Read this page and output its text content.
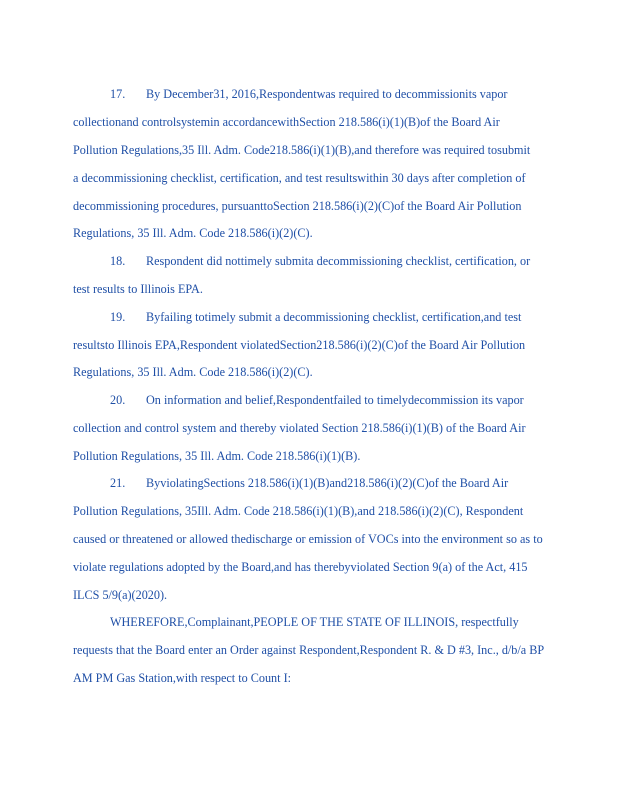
17. By December31, 2016,Respondentwas required to decommissionits vapor
collectionand controlsystemin accordancewithSection 218.586(i)(1)(B)of the Board Air
Pollution Regulations,35 Ill. Adm. Code218.586(i)(1)(B),and therefore was required tosubmit
a decommissioning checklist, certification, and test resultswithin 30 days after completion of
decommissioning procedures, pursuanttoSection 218.586(i)(2)(C)of the Board Air Pollution
Regulations, 35 Ill. Adm. Code 218.586(i)(2)(C).
18. Respondent did nottimely submita decommissioning checklist, certification, or
test results to Illinois EPA.
19. Byfailing totimely submit a decommissioning checklist, certification,and test
resultsto Illinois EPA,Respondent violatedSection218.586(i)(2)(C)of the Board Air Pollution
Regulations, 35 Ill. Adm. Code 218.586(i)(2)(C).
20. On information and belief,Respondentfailed to timelydecommission its vapor
collection and control system and thereby violated Section 218.586(i)(1)(B) of the Board Air
Pollution Regulations, 35 Ill. Adm. Code 218.586(i)(1)(B).
21. ByviolatingSections 218.586(i)(1)(B)and218.586(i)(2)(C)of the Board Air
Pollution Regulations, 35Ill. Adm. Code 218.586(i)(1)(B),and 218.586(i)(2)(C), Respondent
caused or threatened or allowed thedischarge or emission of VOCs into the environment so as to
violate regulations adopted by the Board,and has therebyviolated Section 9(a) of the Act, 415
ILCS 5/9(a)(2020).
WHEREFORE,Complainant,PEOPLE OF THE STATE OF ILLINOIS, respectfully
requests that the Board enter an Order against Respondent,Respondent R. & D #3, Inc., d/b/a BP
AM PM Gas Station,with respect to Count I:
